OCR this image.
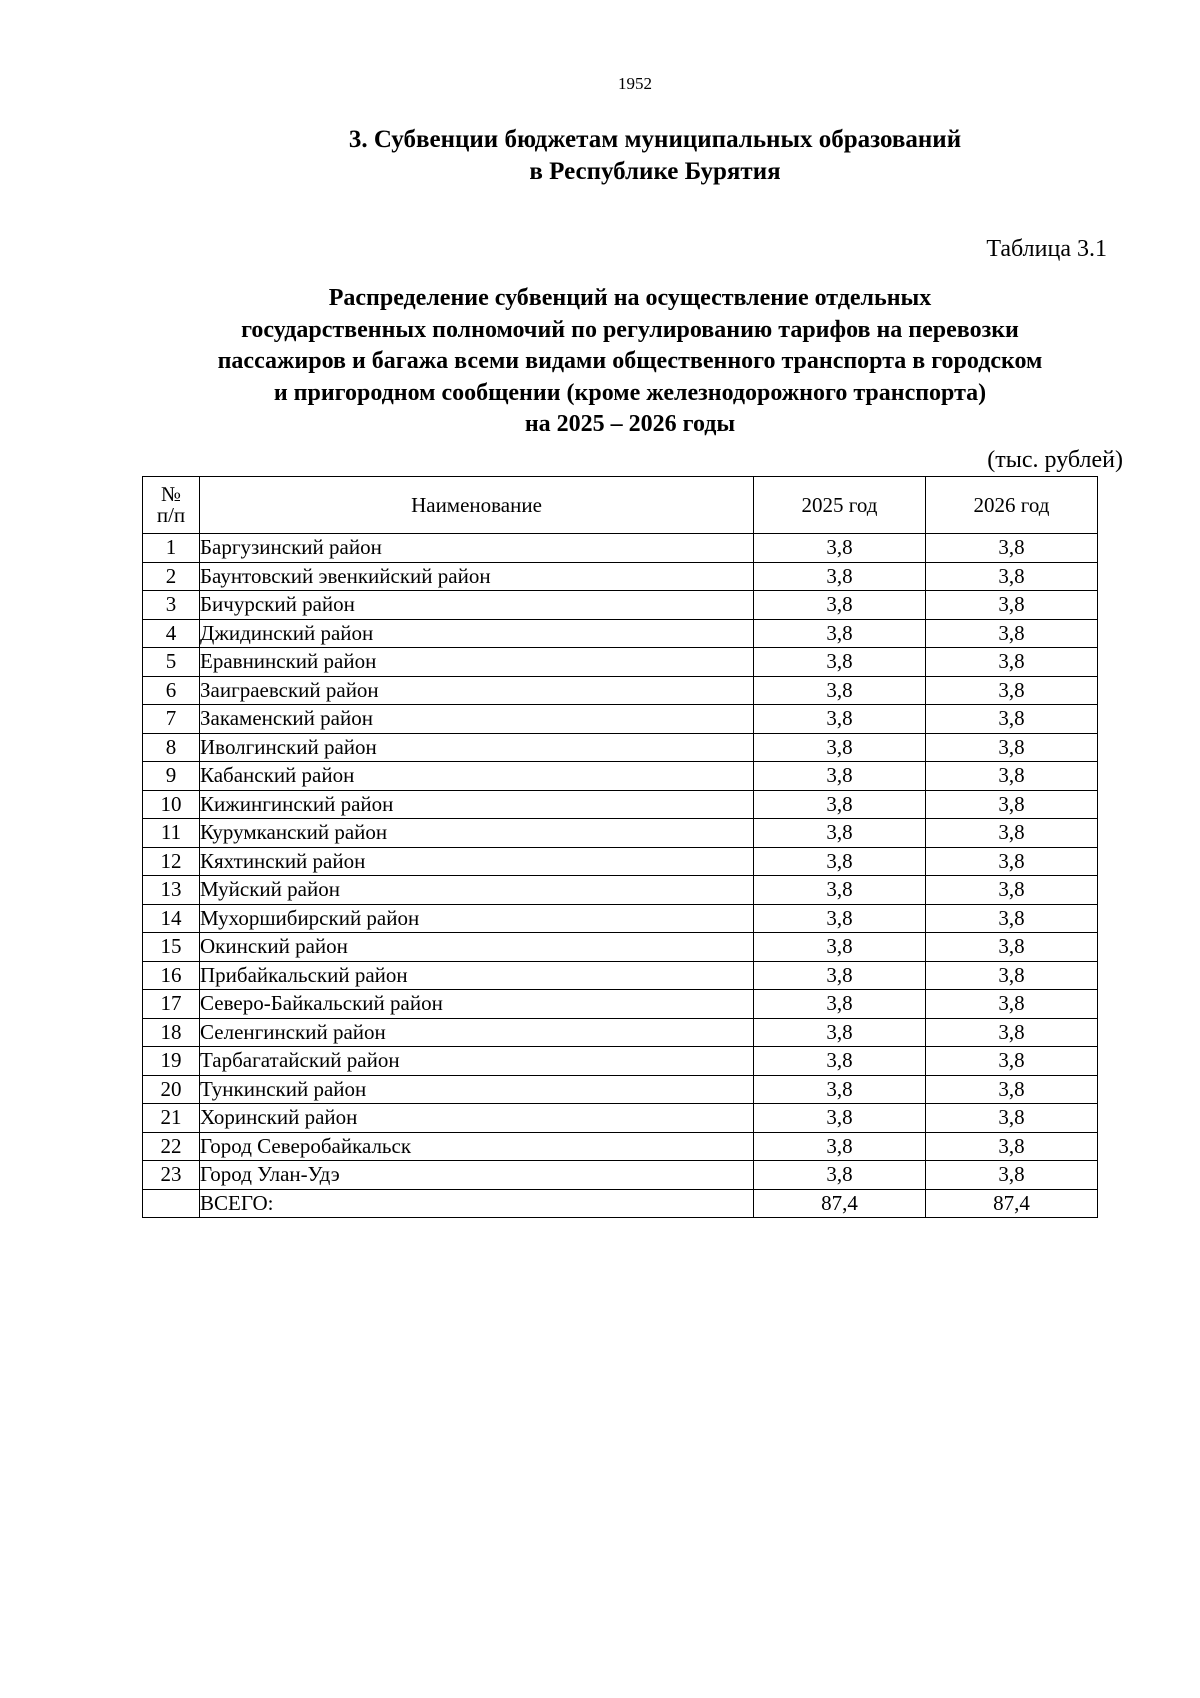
1952
3. Субвенции бюджетам муниципальных образований
в Республике Бурятия
Таблица 3.1
Распределение субвенций на осуществление отдельных
государственных полномочий по регулированию тарифов на перевозки
пассажиров и багажа всеми видами общественного транспорта в городском
и пригородном сообщении (кроме железнодорожного транспорта)
на 2025 – 2026 годы
(тыс. рублей)
№
п/п	Наименование	2025 год	2026 год
1	Баргузинский район	3,8	3,8
2	Баунтовский эвенкийский район	3,8	3,8
3	Бичурский район	3,8	3,8
4	Джидинский район	3,8	3,8
5	Еравнинский район	3,8	3,8
6	Заиграевский район	3,8	3,8
7	Закаменский район	3,8	3,8
8	Иволгинский район	3,8	3,8
9	Кабанский район	3,8	3,8
10	Кижингинский район	3,8	3,8
11	Курумканский район	3,8	3,8
12	Кяхтинский район	3,8	3,8
13	Муйский район	3,8	3,8
14	Мухоршибирский район	3,8	3,8
15	Окинский район	3,8	3,8
16	Прибайкальский район	3,8	3,8
17	Северо-Байкальский район	3,8	3,8
18	Селенгинский район	3,8	3,8
19	Тарбагатайский район	3,8	3,8
20	Тункинский район	3,8	3,8
21	Хоринский район	3,8	3,8
22	Город Северобайкальск	3,8	3,8
23	Город Улан-Удэ	3,8	3,8
	ВСЕГО:	87,4	87,4
